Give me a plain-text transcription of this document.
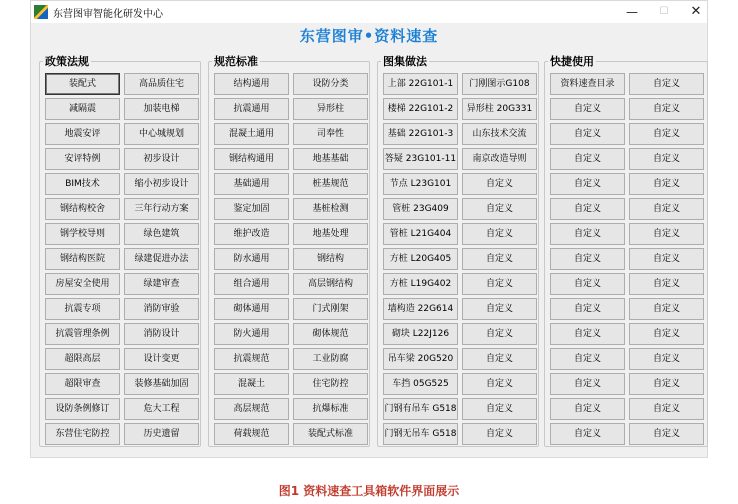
东营图审智能化研发中心	—	☐	✕
东营图审•资料速查
政策法规
装配式	高品质住宅
减隔震	加装电梯
地震安评	中心城规划
安评特例	初步设计
BIM技术	缩小初步设计
钢结构校舍	三年行动方案
钢学校导则	绿色建筑
钢结构医院	绿建促进办法
房屋安全使用	绿建审查
抗震专项	消防审验
抗震管理条例	消防设计
超限高层	设计变更
超限审查	装修基础加固
设防条例修订	危大工程
东营住宅防控	历史遗留
规范标准
结构通用	设防分类
抗震通用	异形柱
混凝土通用	司奉性
钢结构通用	地基基础
基础通用	桩基规范
鉴定加固	基桩检测
维护改造	地基处理
防水通用	钢结构
组合通用	高层钢结构
砌体通用	门式刚架
防火通用	砌体规范
抗震规范	工业防腐
混凝土	住宅防控
高层规范	抗爆标准
荷载规范	装配式标准
图集做法
上部 22G101-1	门刚图示G108
楼梯 22G101-2	异形柱 20G331
基础 22G101-3	山东技术交流
答疑 23G101-11	南京改造导则
节点 L23G101	自定义
管桩 23G409	自定义
管桩 L21G404	自定义
方桩 L20G405	自定义
方桩 L19G402	自定义
墙构造 22G614	自定义
砌块 L22J126	自定义
吊车梁 20G520	自定义
车挡 05G525	自定义
门钢有吊车 G518	自定义
门钢无吊车 G518	自定义
快捷使用
资料速查目录	自定义
自定义	自定义
自定义	自定义
自定义	自定义
自定义	自定义
自定义	自定义
自定义	自定义
自定义	自定义
自定义	自定义
自定义	自定义
自定义	自定义
自定义	自定义
自定义	自定义
自定义	自定义
自定义	自定义
图1 资料速查工具箱软件界面展示
